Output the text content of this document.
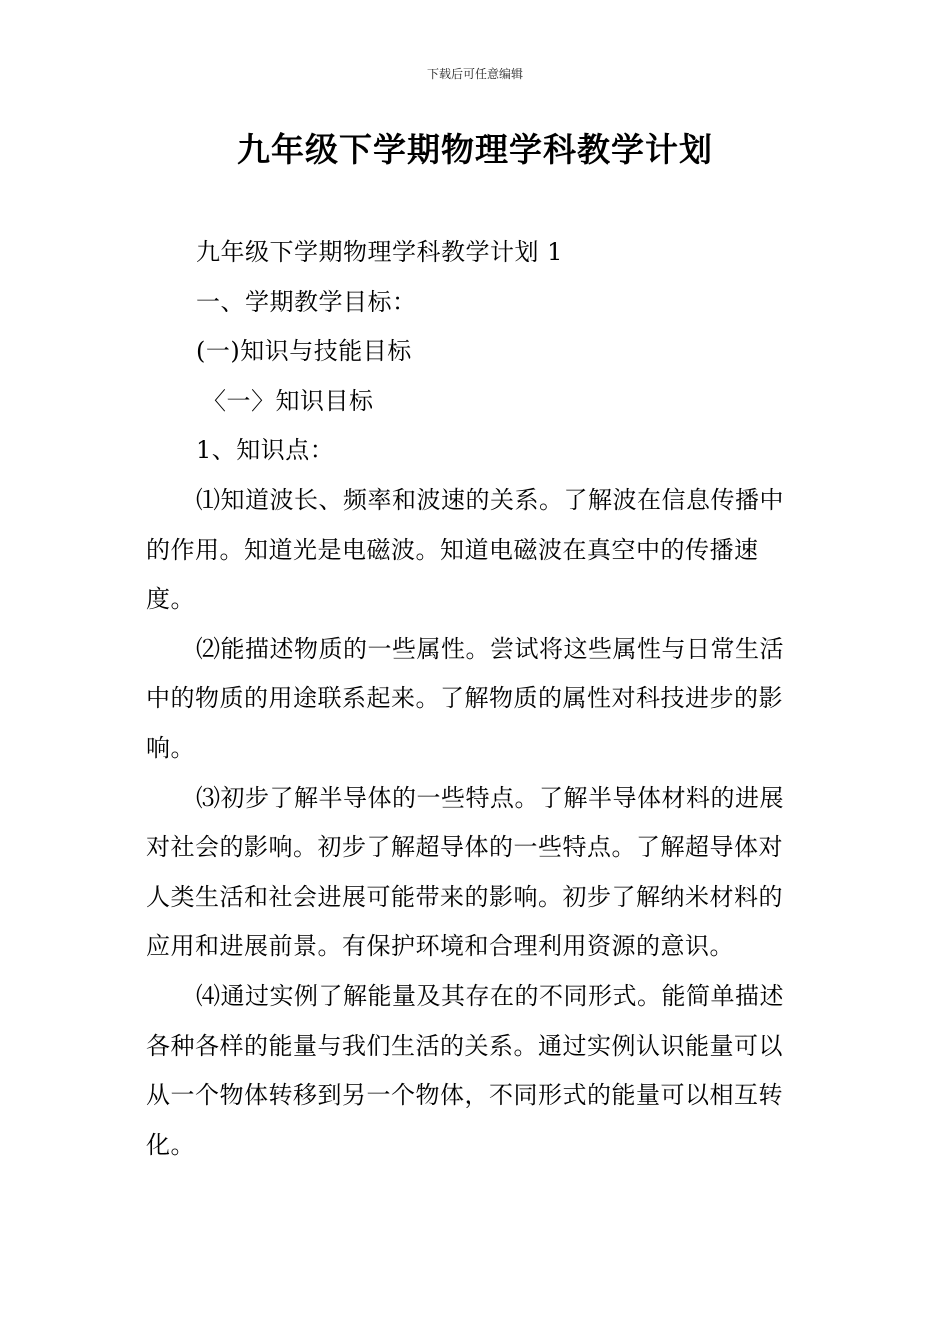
下载后可任意编辑
九年级下学期物理学科教学计划

九年级下学期物理学科教学计划 1

一、学期教学目标：

(一)知识与技能目标

〈一〉知识目标

1、知识点：

⑴知道波长、频率和波速的关系。了解波在信息传播中的作用。知道光是电磁波。知道电磁波在真空中的传播速度。

⑵能描述物质的一些属性。尝试将这些属性与日常生活中的物质的用途联系起来。了解物质的属性对科技进步的影响。

⑶初步了解半导体的一些特点。了解半导体材料的进展对社会的影响。初步了解超导体的一些特点。了解超导体对人类生活和社会进展可能带来的影响。初步了解纳米材料的应用和进展前景。有保护环境和合理利用资源的意识。

⑷通过实例了解能量及其存在的不同形式。能简单描述各种各样的能量与我们生活的关系。通过实例认识能量可以从一个物体转移到另一个物体，不同形式的能量可以相互转化。
